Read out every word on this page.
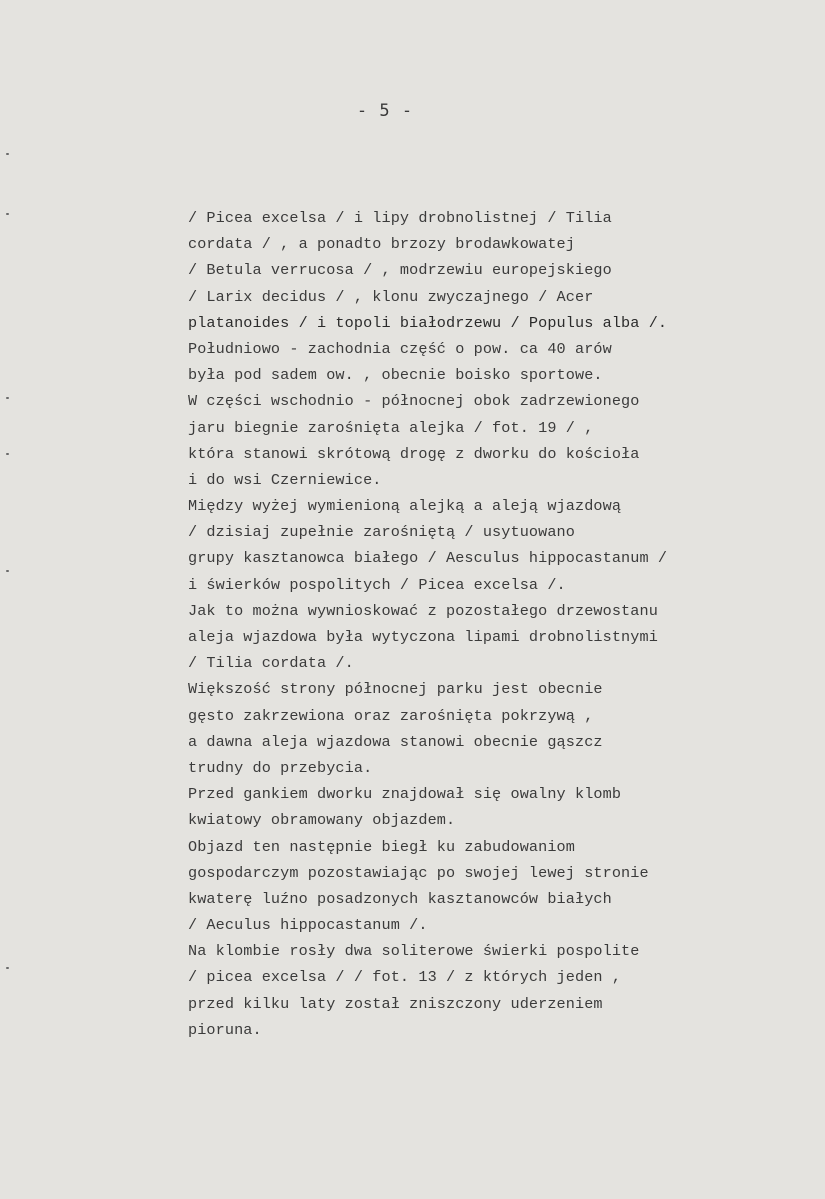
- 5 -
/ Picea excelsa / i lipy drobnolistnej / Tilia
cordata / , a ponadto brzozy brodawkowatej
/ Betula verrucosa / , modrzewiu europejskiego
/ Larix decidus / , klonu zwyczajnego / Acer
platanoides / i topoli białodrzewu / Populus alba /.
Południowo - zachodnia część o pow. ca 40 arów
była pod sadem ow. , obecnie boisko sportowe.
W części wschodnio - północnej obok zadrzewionego
jaru biegnie zarośnięta alejka / fot. 19 / ,
która stanowi skrótową drogę z dworku do kościoła
i do wsi Czerniewice.
Między wyżej wymienioną alejką a aleją wjazdową
/ dzisiaj zupełnie zarośniętą / usytuowano
grupy kasztanowca białego / Aesculus hippocastanum /
i świerków pospolitych / Picea excelsa /.
Jak to można wywnioskować z pozostałego drzewostanu
aleja wjazdowa była wytyczona lipami drobnolistnymi
/ Tilia cordata /.
Większość strony północnej parku jest obecnie
gęsto zakrzewiona oraz zarośnięta pokrzywą ,
a dawna aleja wjazdowa stanowi obecnie gąszcz
trudny do przebycia.
Przed gankiem dworku znajdował się owalny klomb
kwiatowy obramowany objazdem.
Objazd ten następnie biegł ku zabudowaniom
gospodarczym pozostawiając po swojej lewej stronie
kwaterę luźno posadzonych kasztanowców białych
/ Aeculus hippocastanum /.
Na klombie rosły dwa soliterowe świerki pospolite
/ picea excelsa / / fot. 13 / z których jeden ,
przed kilku laty został zniszczony uderzeniem
pioruna.
